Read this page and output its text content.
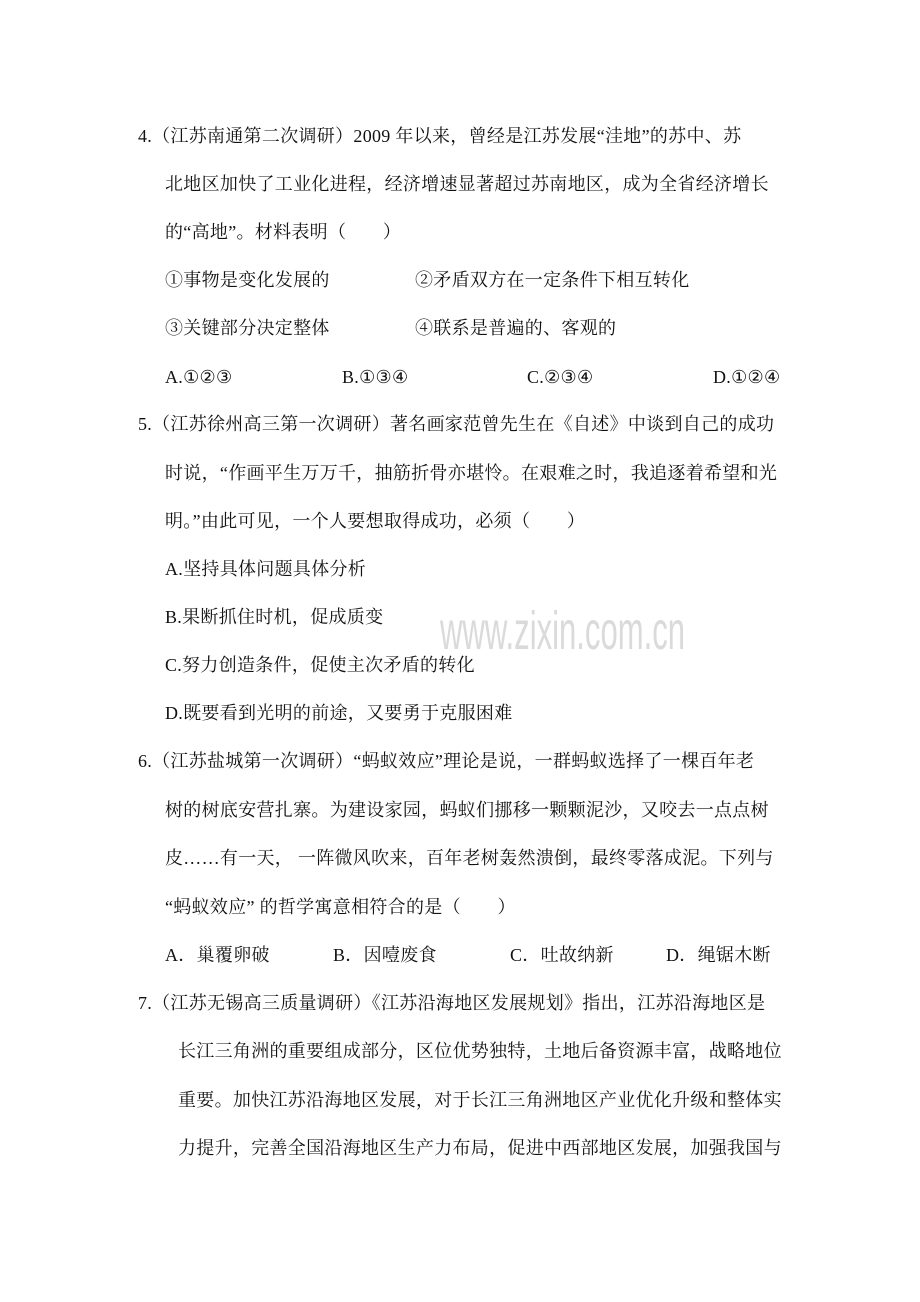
www.zixin.com.cn
4.（江苏南通第二次调研）2009 年以来，曾经是江苏发展“洼地”的苏中、苏
北地区加快了工业化进程，经济增速显著超过苏南地区，成为全省经济增长
的“高地”。材料表明（　　）
①事物是变化发展的	②矛盾双方在一定条件下相互转化
③关键部分决定整体	④联系是普遍的、客观的
A.①②③	B.①③④	C.②③④	D.①②④
5.（江苏徐州高三第一次调研）著名画家范曾先生在《自述》中谈到自己的成功
时说，“作画平生万万千，抽筋折骨亦堪怜。在艰难之时，我追逐着希望和光
明。”由此可见，一个人要想取得成功，必须（　　）
A.坚持具体问题具体分析
B.果断抓住时机，促成质变
C.努力创造条件，促使主次矛盾的转化
D.既要看到光明的前途，又要勇于克服困难
6.（江苏盐城第一次调研）“蚂蚁效应”理论是说，一群蚂蚁选择了一棵百年老
树的树底安营扎寨。为建设家园，蚂蚁们挪移一颗颗泥沙，又咬去一点点树
皮……有一天， 一阵微风吹来，百年老树轰然溃倒，最终零落成泥。下列与
“蚂蚁效应” 的哲学寓意相符合的是（　　）
A．巢覆卵破	B．因噎废食	C．吐故纳新	D．绳锯木断
7.（江苏无锡高三质量调研）《江苏沿海地区发展规划》指出，江苏沿海地区是
长江三角洲的重要组成部分，区位优势独特，土地后备资源丰富，战略地位
重要。加快江苏沿海地区发展，对于长江三角洲地区产业优化升级和整体实
力提升，完善全国沿海地区生产力布局，促进中西部地区发展，加强我国与
